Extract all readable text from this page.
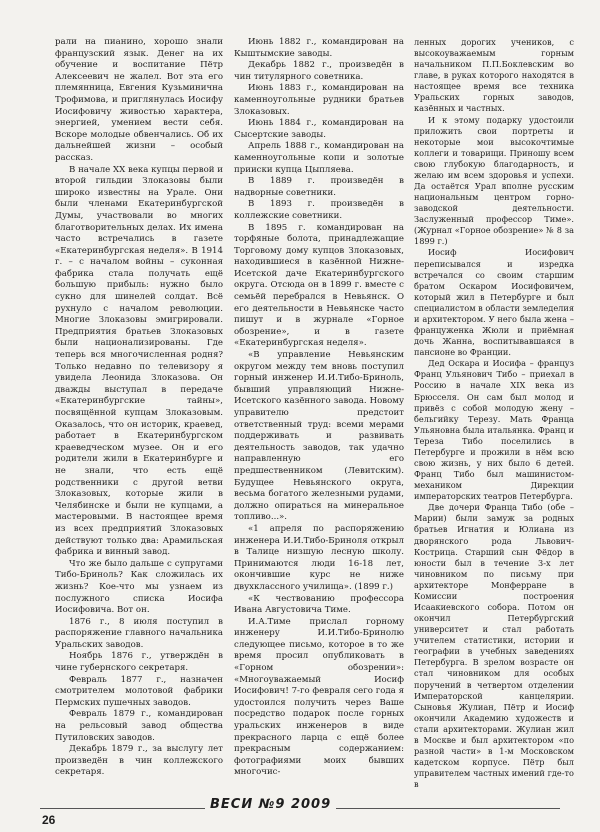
рали на пианино, хорошо знали французский язык. Денег на их обучение и воспитание Пётр Алексеевич не жалел. Вот эта его племянница, Евгения Кузьминична Трофимова, и приглянулась Иосифу Иосифовичу живостью характера, энергией, умением вести себя. Вскоре молодые обвенчались. Об их дальнейшей жизни – особый рассказ.

В начале ХХ века купцы первой и второй гильдии Злоказовы были широко известны на Урале. Они были членами Екатеринбургской Думы, участвовали во многих благотворительных делах. Их имена часто встречались в газете «Екатеринбургская неделя». В 1914 г. – с началом войны – суконная фабрика стала получать ещё большую прибыль: нужно было сукно для шинелей солдат. Всё рухнуло с началом революции. Многие Злоказовы эмигрировали. Предприятия братьев Злоказовых были национализированы. Где теперь вся многочисленная родня? Только недавно по телевизору я увидела Леонида Злоказова. Он дважды выступал в передаче «Екатеринбургские тайны», посвящённой купцам Злоказовым. Оказалось, что он историк, краевед, работает в Екатеринбургском краеведческом музее. Он и его родители жили в Екатеринбурге и не знали, что есть ещё родственники с другой ветви Злоказовых, которые жили в Челябинске и были не купцами, а мастеровыми. В настоящее время из всех предприятий Злоказовых действуют только два: Арамильская фабрика и винный завод.

Что же было дальше с супругами Тибо-Бриноль? Как сложилась их жизнь? Кое-что мы узнаем из послужного списка Иосифа Иосифовича. Вот он.

1876 г., 8 июля поступил в распоряжение главного начальника Уральских заводов.

Ноябрь 1876 г., утверждён в чине губернского секретаря.

Февраль 1877 г., назначен смотрителем молотовой фабрики Пермских пушечных заводов.

Февраль 1879 г., командирован на рельсовый завод общества Путиловских заводов.

Декабрь 1879 г., за выслугу лет произведён в чин коллежского секретаря.

Июнь 1882 г., командирован на Кыштымские заводы.

Декабрь 1882 г., произведён в чин титулярного советника.

Июнь 1883 г., командирован на каменноугольные рудники братьев Злоказовых.

Июнь 1884 г., командирован на Сысертские заводы.

Апрель 1888 г., командирован на каменноугольные копи и золотые прииски купца Цыпляева.

В 1889 г. произведён в надворные советники.

В 1893 г. произведён в коллежские советники.

В 1895 г. командирован на торфяные болота, принадлежащие Торговому дому купцов Злоказовых, находившиеся в казённой Нижне-Исетской даче Екатеринбургского округа. Отсюда он в 1899 г. вместе с семьёй перебрался в Невьянск. О его деятельности в Невьянске часто пишут и в журнале «Горное обозрение», и в газете «Екатеринбургская неделя».

«В управление Невьянским округом между тем вновь поступил горный инженер И.И.Тибо-Бриноль, бывший управляющий Нижне-Исетского казённого завода. Новому управителю предстоит ответственный труд: всеми мерами поддерживать и развивать деятельность заводов, так удачно направленную его предшественником (Левитским). Будущее Невьянского округа, весьма богатого железными рудами, должно опираться на минеральное топливо...».

«1 апреля по распоряжению инженера И.И.Тибо-Бриноля открыл в Талице низшую лесную школу. Принимаются люди 16-18 лет, окончившие курс не ниже двухклассного училища». (1899 г.)

«К чествованию профессора Ивана Августовича Тиме.

И.А.Тиме прислал горному инженеру И.И.Тибо-Бринолю следующее письмо, которое в то же время просил опубликовать в «Горном обозрении»: «Многоуважаемый Иосиф Иосифович! 7-го февраля сего года я удостоился получить через Ваше посредство подарок после горных уральских инженеров в виде прекрасного ларца с ещё более прекрасным содержанием: фотографиями моих бывших многочис-

ленных дорогих учеников, с высокоуважаемым горным начальником П.П.Боклевским во главе, в руках которого находятся в настоящее время все техника Уральских горных заводов, казённых и частных.

И к этому подарку удостоили приложить свои портреты и некоторые мои высокочтимые коллеги и товарищи. Приношу всем свою глубокую благодарность, и желаю им всем здоровья и успехи. Да остаётся Урал вполне русским национальным центром горно-заводской деятельности. Заслуженный профессор Тиме». (Журнал «Горное обозрение» № 8 за 1899 г.)

Иосиф Иосифович переписывался и изредка встречался со своим старшим братом Оскаром Иосифовичем, который жил в Петербурге и был специалистом в области земледелия и архитектором. У него была жена – француженка Жюли и приёмная дочь Жанна, воспитывавшаяся в пансионе во Франции.

Дед Оскара и Иосифа – француз Франц Ульянович Тибо – приехал в Россию в начале XIX века из Брюсселя. Он сам был молод и привёз с собой молодую жену – бельгийку Терезу. Мать Франца Ульяновна была итальянка. Франц и Тереза Тибо поселились в Петербурге и прожили в нём всю свою жизнь, у них было 6 детей. Франц Тибо был машинистом-механиком Дирекции императорских театров Петербурга.

Две дочери Франца Тибо (обе – Марии) были замуж за родных братьев Игнатия и Юлиана из дворянского рода Львович-Кострица. Старший сын Фёдор в юности был в течение 3-х лет чиновником по письму при архитекторе Монферране в Комиссии построения Исаакиевского собора. Потом он окончил Петербургский университет и стал работать учителем статистики, истории и географии в учебных заведениях Петербурга. В зрелом возрасте он стал чиновником для особых поручений в четвертом отделении Императорской канцелярии. Сыновья Жулиан, Пётр и Иосиф окончили Академию художеств и стали архитекторами. Жулиан жил в Москве и был архитектором «по разной части» в 1-м Московском кадетском корпусе. Пётр был управителем частных имений где-то в

26
ВЕСИ №9 2009
